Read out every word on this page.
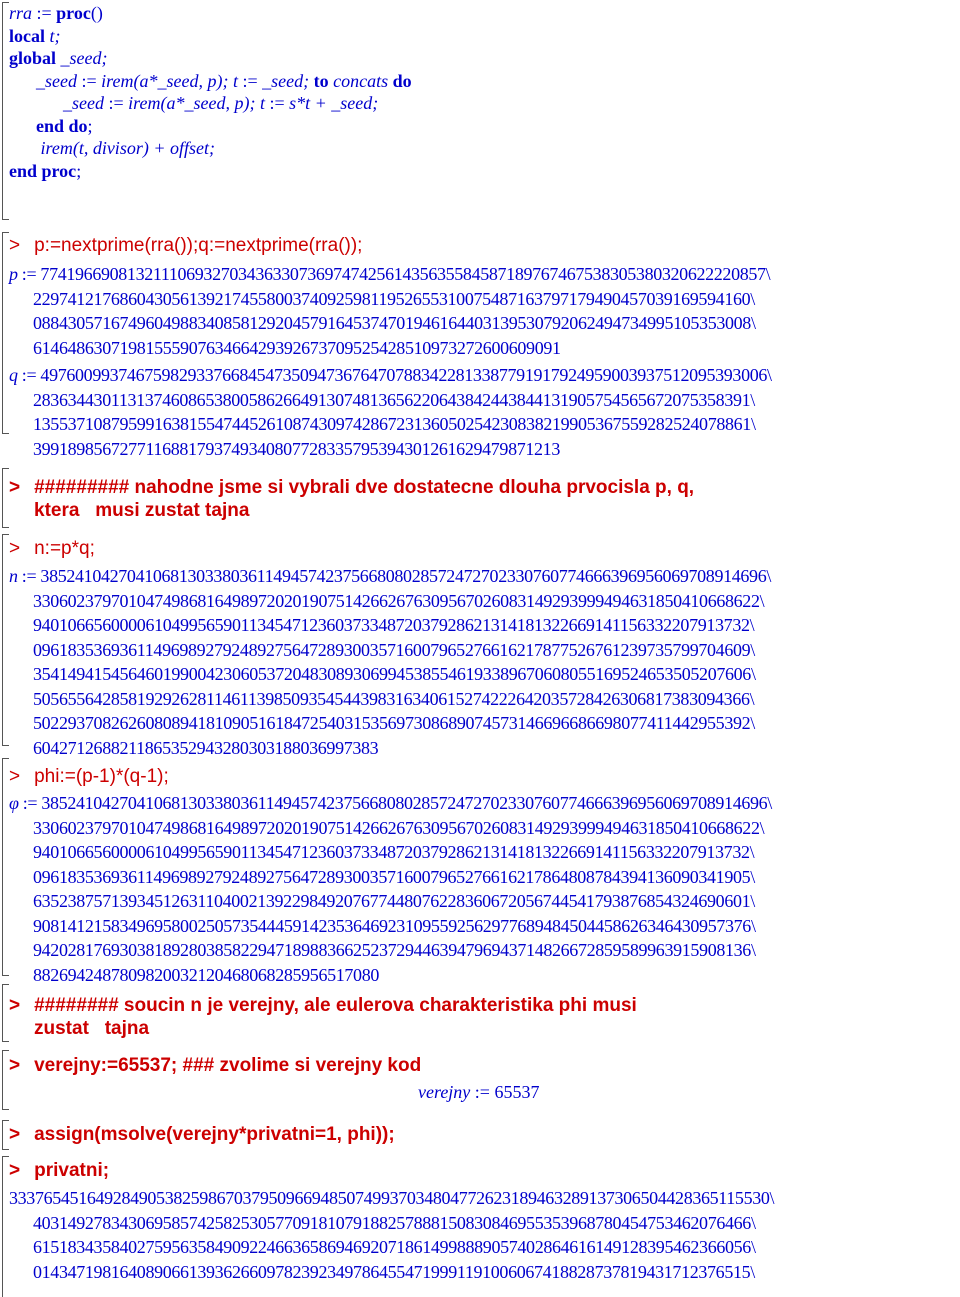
rra := proc()
local t;
global _seed;
_seed := irem(a*_seed, p); t := _seed; to concats do
_seed := irem(a*_seed, p); t := s*t + _seed;
end do;
irem(t, divisor) + offset;
end proc;
> p:=nextprime(rra());q:=nextprime(rra());
p := 774196690813211106932703436330736974742561435635584587189767467538305380320622220857\
229741217686043056139217455800374092598119526553100754871637971794904570391695941​60\
088430571674960498834085812920457916453747019461644031395307920624947349951053530​08\
6146486307198155590763466429392673709525428510973272600609091
q := 497600993746759829337668454735094736764707883422813387791917924959003937512095393006\
283634430113137460865380058626649130748136562206438424438441319057545656720753583​91\
135537108795991638155474452610874309742867231360502542308382199053675592825240788​61\
39918985672771168817937493408077283357953943012616294798712​13
> ######### nahodne jsme si vybrali dve dostatecne dlouha prvocisla p, q,
ktera   musi zustat tajna
> n:=p*q;
n := 385241042704106813033803611494574237566808028572472702330760774666396956069708914696\
330602379701047498681649897202019075142662676309567026083149293999494631850410668622\
940106656000061049956590113454712360373348720379286213141813226691411563322079137​32\
096183536936114969892792489275647289300357160079652766162178775267612397357997046​09\
354149415456460199004230605372048308930699453855461933896706080551695246535052076​06\
505655642858192926281146113985093545443983163406152742226420357284263068173830943​66\
502293708262608089418109051618472540315356973086890745731466966866980774114429553​92\
6042712688211865352943280303188036997383
> phi:=(p-1)*(q-1);
φ := 385241042704106813033803611494574237566808028572472702330760774666396956069708914696\
330602379701047498681649897202019075142662676309567026083149293999494631850410668622\
940106656000061049956590113454712360373348720379286213141813226691411563322079137​32\
096183536936114969892792489275647289300357160079652766162178648087843941360903419​05\
635238757139345126311040021392298492076774480762283606720567445417938768543246906​01\
908141215834969580025057354445914235364692310955925629776894845044586263464309573​76\
942028176930381892803858229471898836625237294463947969437148266728595899639159081​36\
88269424878098200321204680682859565170​80
> ######## soucin n je verejny, ale eulerova charakteristika phi musi
zustat   tajna
> verejny:=65537; ### zvolime si verejny kod
verejny := 65537
> assign(msolve(verejny*privatni=1, phi));
> privatni;
333765451649284905382598670379509669485074993703480477262318946328913730650442836511553​0\
403149278343069585742582530577091810791882578881508308469553539687804547534620764​66\
615183435840275956358490922466365869469207186149988890574028646161491283954623660​56\
014347198164089066139362660978239234978645547199911910060674188287378194317123765​15\
